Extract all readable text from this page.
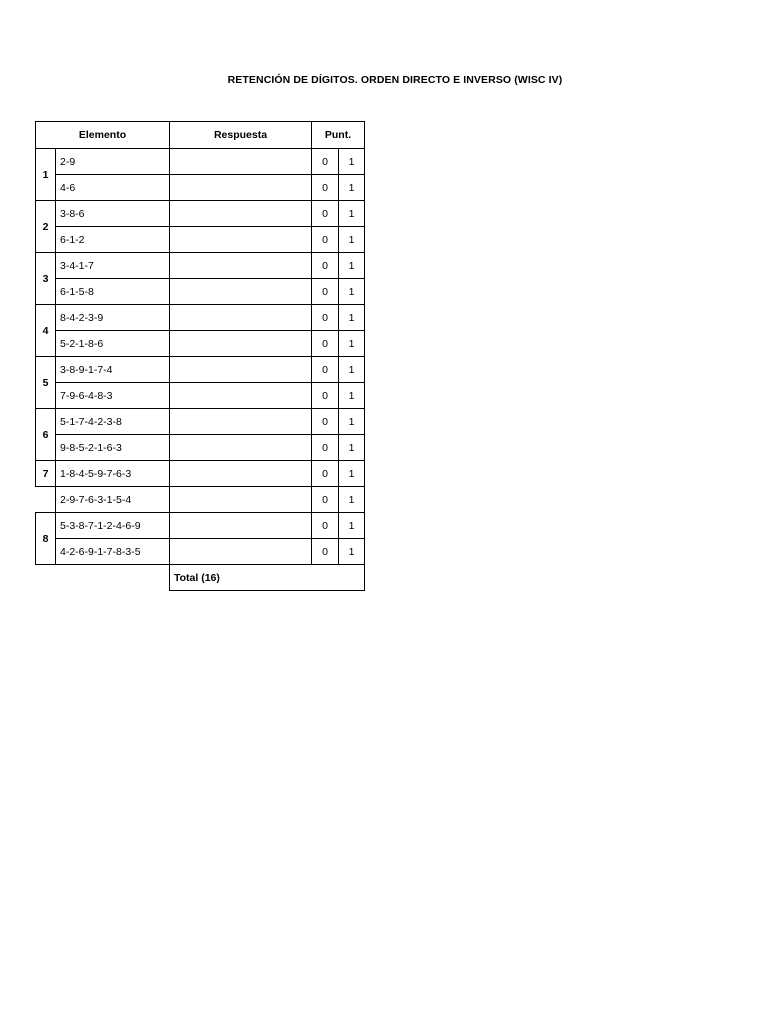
RETENCIÓN DE DÍGITOS. ORDEN DIRECTO E INVERSO (WISC IV)
Elemento		Respuesta	Punt.	
1	2-9		0	1
	4-6		0	1
2	3-8-6		0	1
	6-1-2		0	1
3	3-4-1-7		0	1
	6-1-5-8		0	1
4	8-4-2-3-9		0	1
	5-2-1-8-6		0	1
5	3-8-9-1-7-4		0	1
	7-9-6-4-8-3		0	1
6	5-1-7-4-2-3-8		0	1
	9-8-5-2-1-6-3		0	1
7	1-8-4-5-9-7-6-3		0	1
	2-9-7-6-3-1-5-4		0	1
8	5-3-8-7-1-2-4-6-9		0	1
	4-2-6-9-1-7-8-3-5		0	1
		Total (16)		
